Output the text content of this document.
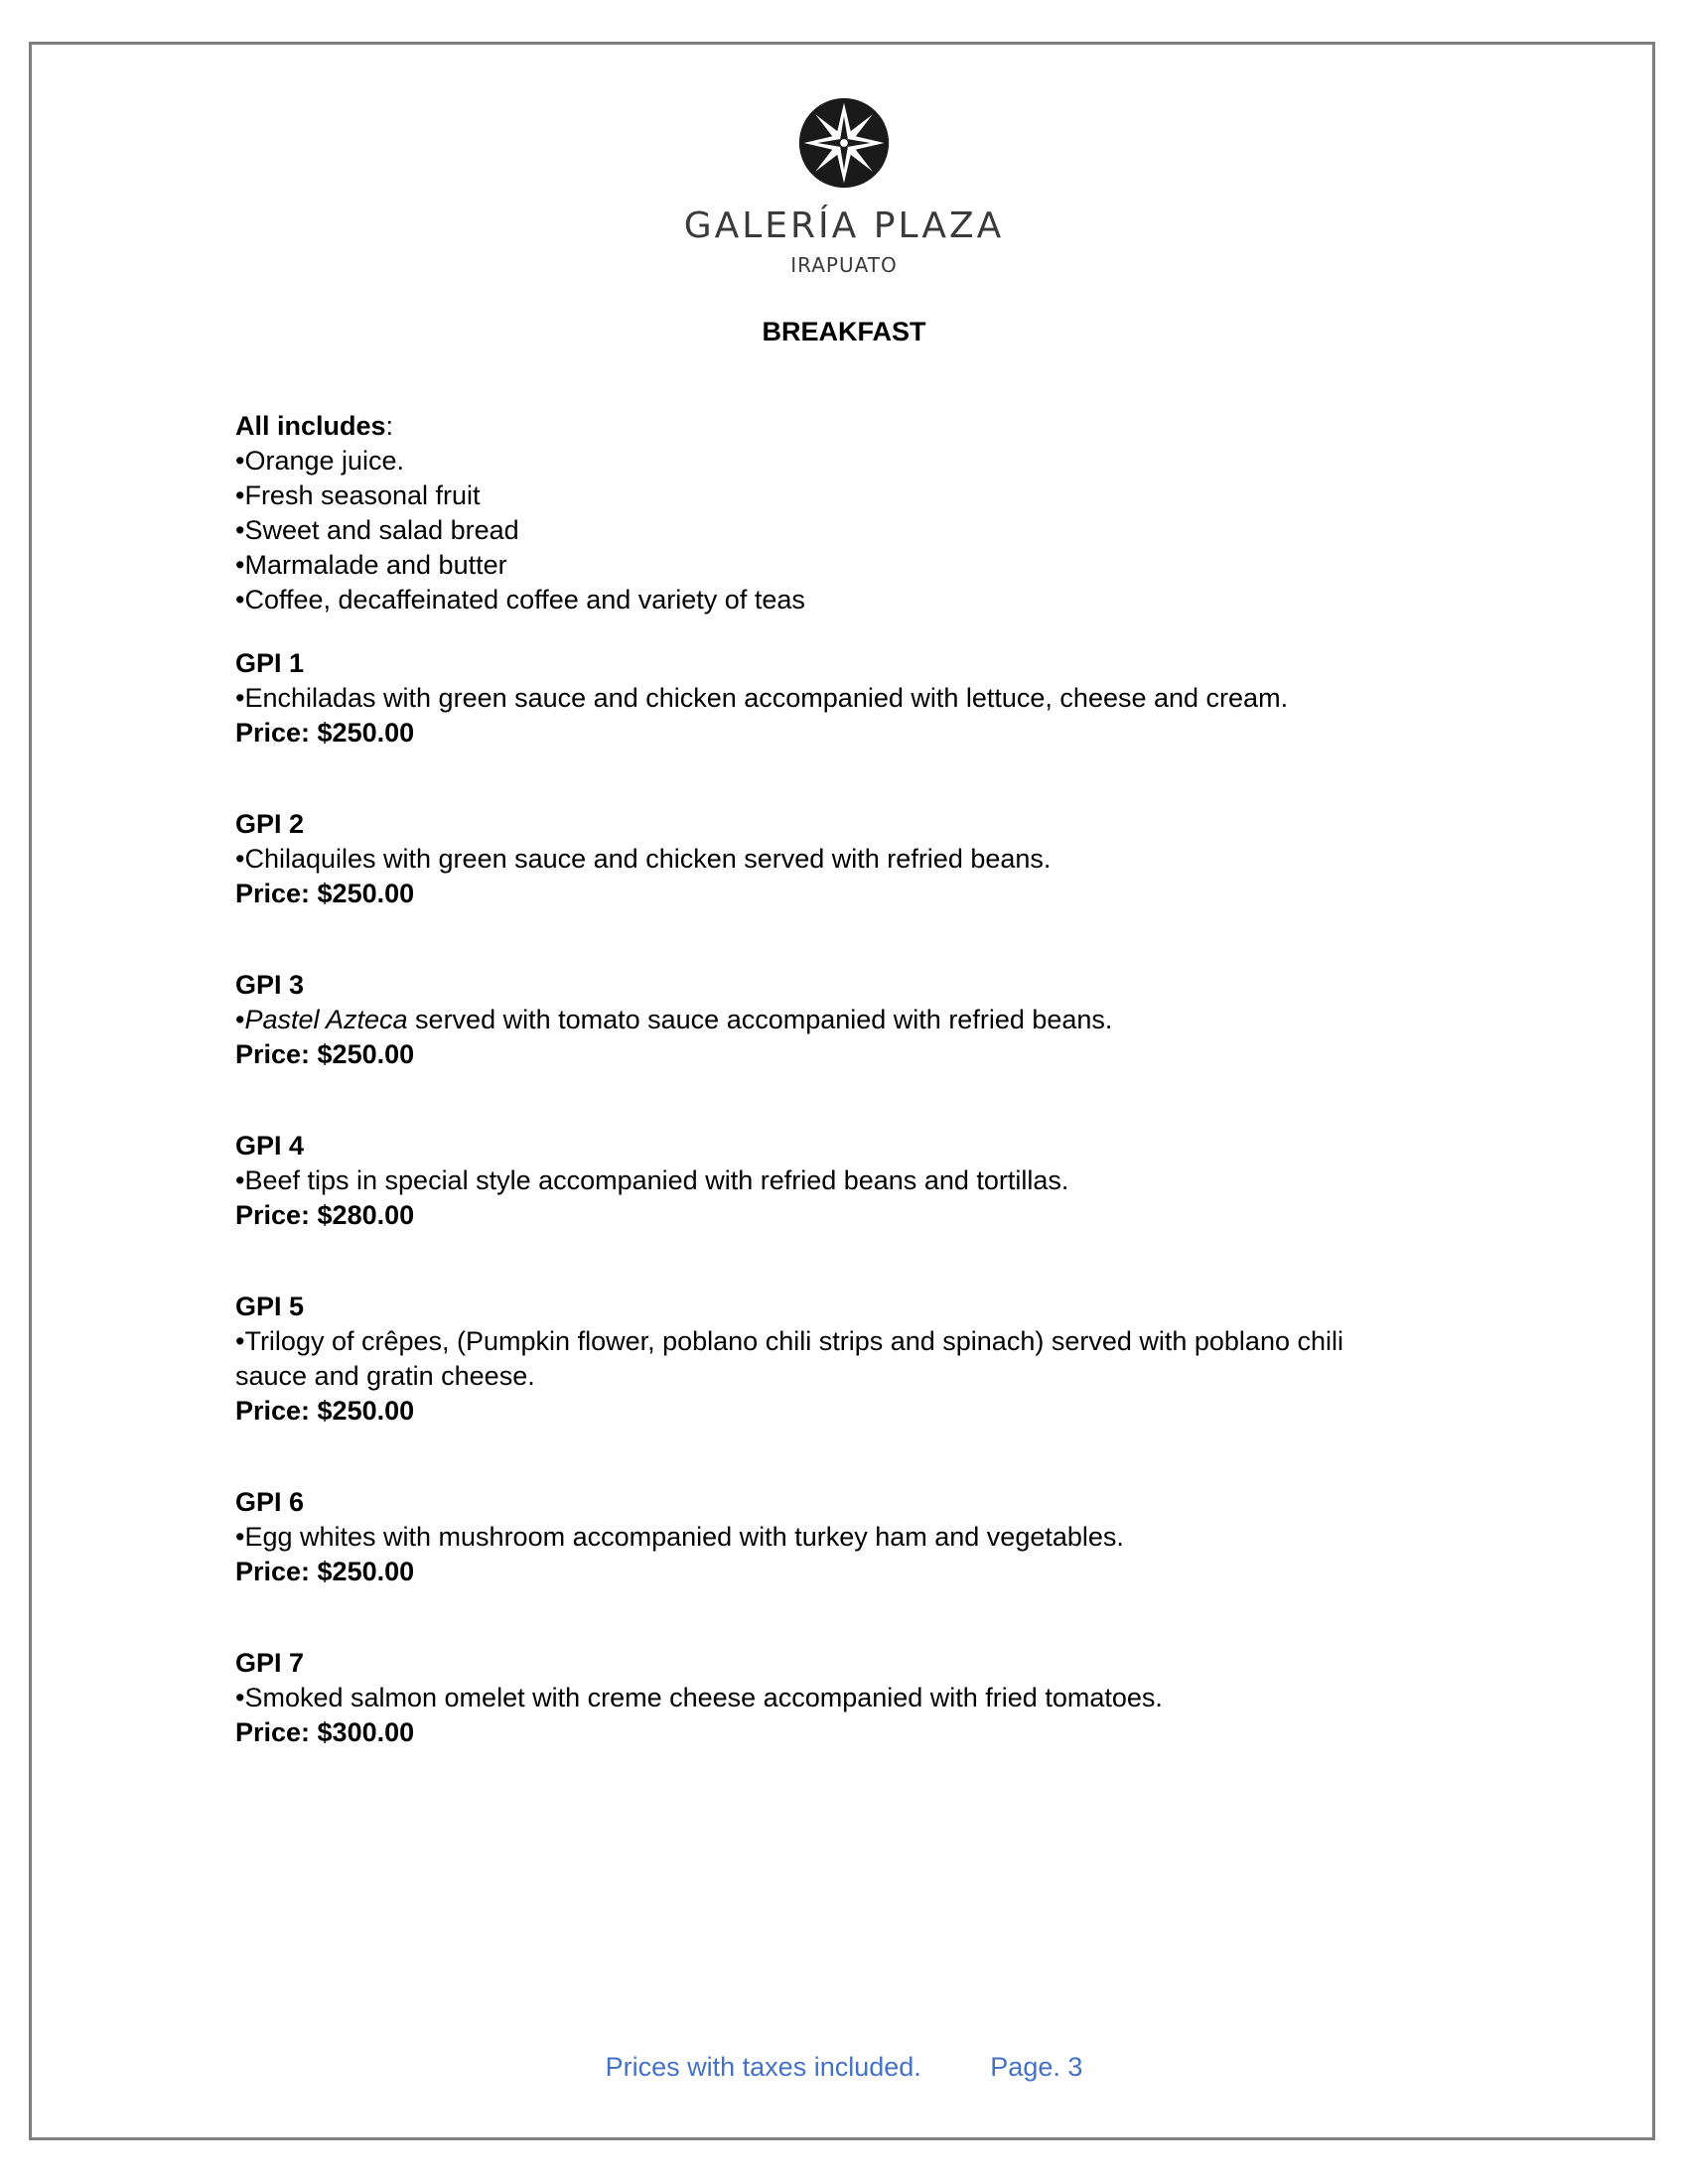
GALERÍA PLAZA
IRAPUATO
BREAKFAST
All includes:
•Orange juice.
•Fresh seasonal fruit
•Sweet and salad bread
•Marmalade and butter
•Coffee, decaffeinated coffee and variety of teas
GPI 1
•Enchiladas with green sauce and chicken accompanied with lettuce, cheese and cream.
Price: $250.00
GPI 2
•Chilaquiles with green sauce and chicken served with refried beans.
Price: $250.00
GPI 3
•Pastel Azteca served with tomato sauce accompanied with refried beans.
Price: $250.00
GPI 4
•Beef tips in special style accompanied with refried beans and tortillas.
Price: $280.00
GPI 5
•Trilogy of crêpes, (Pumpkin flower, poblano chili strips and spinach) served with poblano chili
sauce and gratin cheese.
Price: $250.00
GPI 6
•Egg whites with mushroom accompanied with turkey ham and vegetables.
Price: $250.00
GPI 7
•Smoked salmon omelet with creme cheese accompanied with fried tomatoes.
Price: $300.00
Prices with taxes included.	Page. 3
